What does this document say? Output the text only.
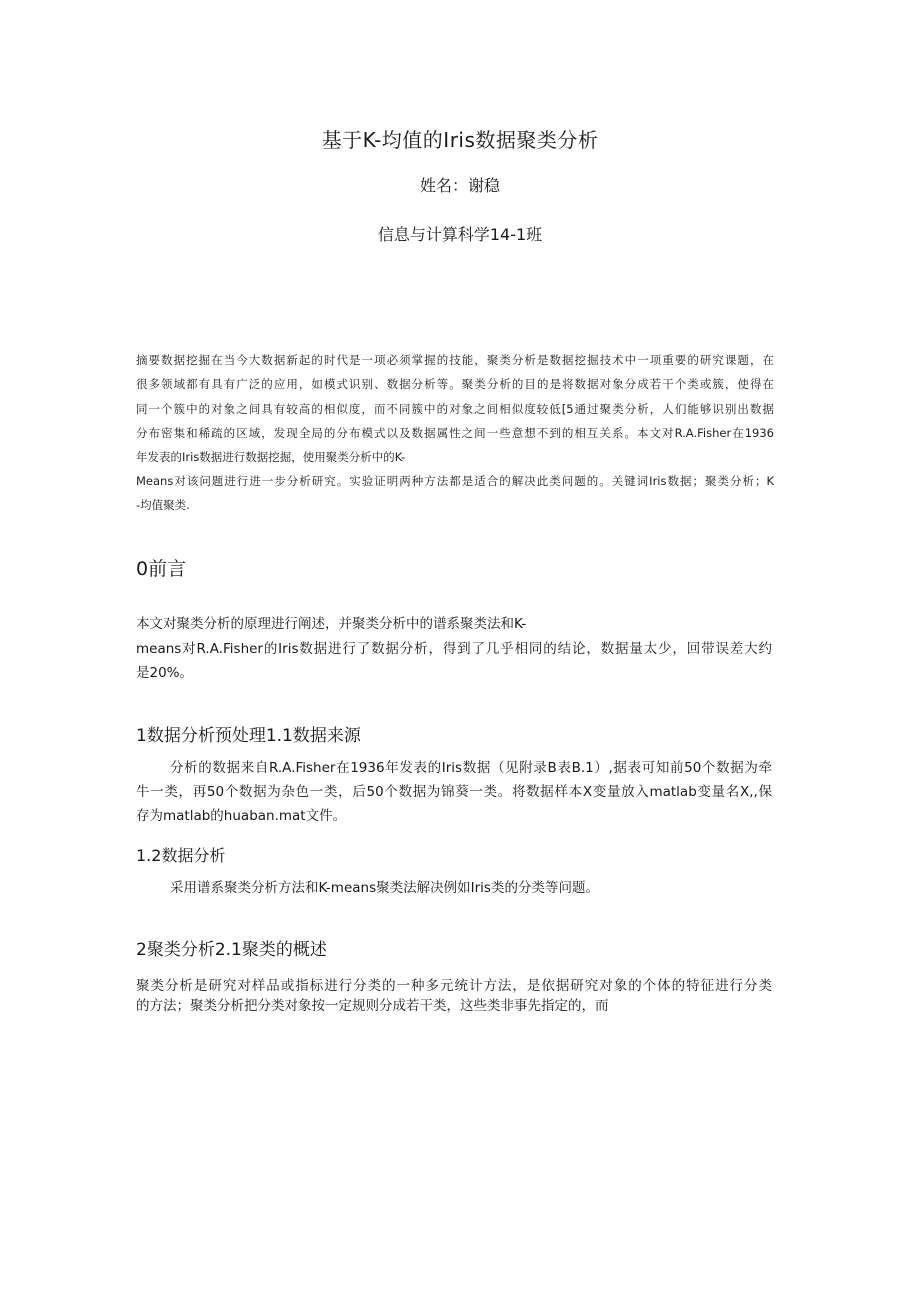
基于K-均值的Iris数据聚类分析
姓名：谢稳
信息与计算科学14-1班
摘要数据挖掘在当今大数据新起的时代是一项必须掌握的技能，聚类分析是数据挖掘技术中一项重要的研究课题，在
很多领域都有具有广泛的应用，如模式识别、数据分析等。聚类分析的目的是将数据对象分成若干个类或簇，使得在
同一个簇中的对象之间具有较高的相似度，而不同簇中的对象之间相似度较低[5通过聚类分析，人们能够识别出数据
分布密集和稀疏的区域，发现全局的分布模式以及数据属性之间一些意想不到的相互关系。本文对R.A.Fisher在1936
年发表的Iris数据进行数据挖掘，使用聚类分析中的K-
Means对该问题进行进一步分析研究。实验证明两种方法都是适合的解决此类问题的。关键词Iris数据；聚类分析；K
-均值聚类.
0前言
本文对聚类分析的原理进行阐述，并聚类分析中的谱系聚类法和K-
means对R.A.Fisher的Iris数据进行了数据分析，得到了几乎相同的结论，数据量太少，回带误差大约
是20%。
1数据分析预处理1.1数据来源
分析的数据来自R.A.Fisher在1936年发表的Iris数据（见附录B表B.1）,据表可知前50个数据为牵
牛一类，再50个数据为杂色一类，后50个数据为锦葵一类。将数据样本X变量放入matlab变量名X,,保
存为matlab的huaban.mat文件。
1.2数据分析
采用谱系聚类分析方法和K-means聚类法解决例如Iris类的分类等问题。
2聚类分析2.1聚类的概述
聚类分析是研究对样品或指标进行分类的一种多元统计方法，是依据研究对象的个体的特征进行分类
的方法；聚类分析把分类对象按一定规则分成若干类，这些类非事先指定的，而
